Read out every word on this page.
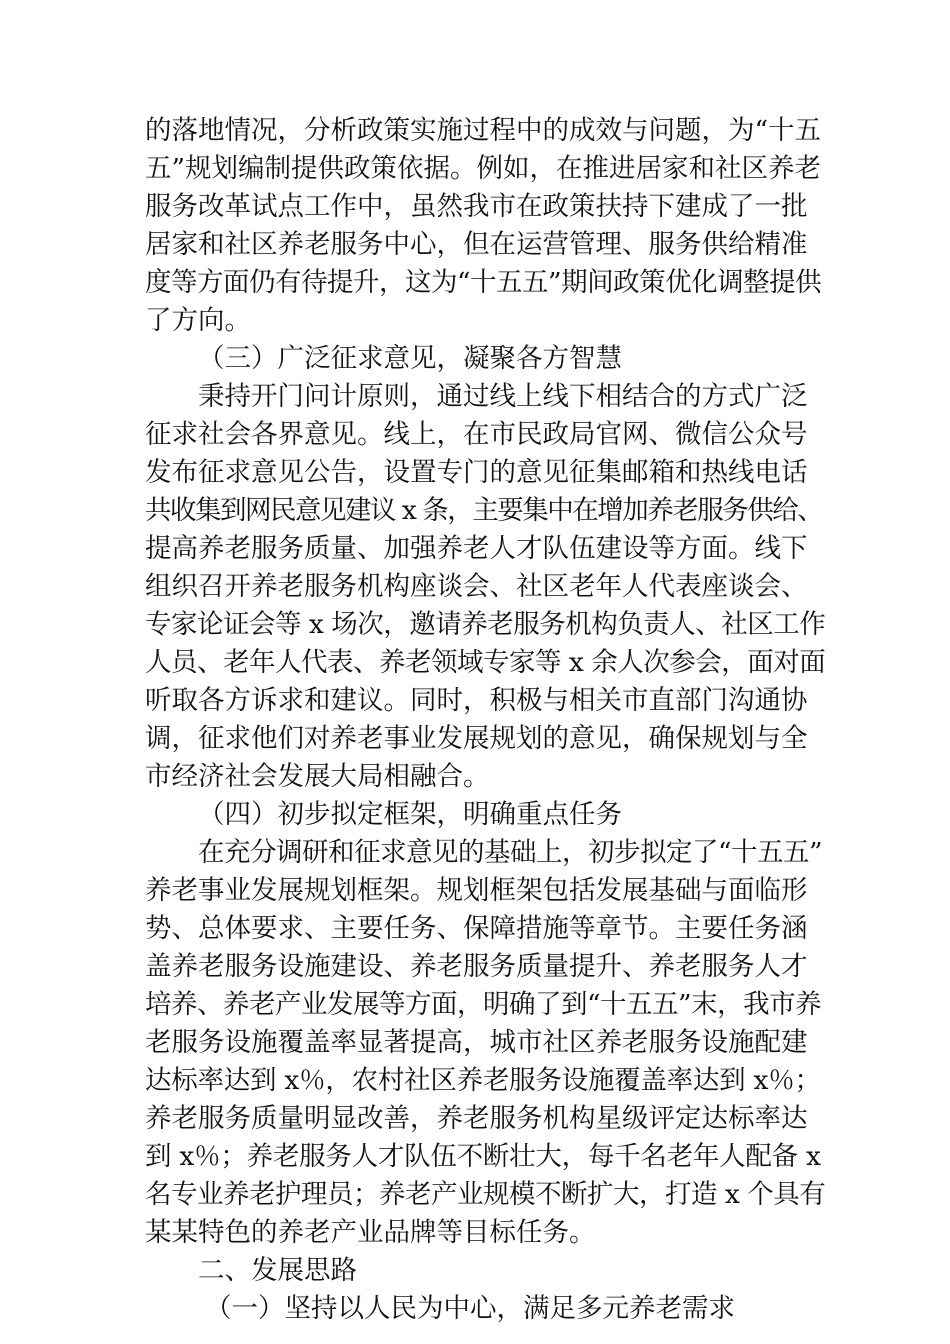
的落地情况，分析政策实施过程中的成效与问题，为“十五
五”规划编制提供政策依据。例如，在推进居家和社区养老
服务改革试点工作中，虽然我市在政策扶持下建成了一批
居家和社区养老服务中心，但在运营管理、服务供给精准
度等方面仍有待提升，这为“十五五”期间政策优化调整提供
了方向。
（三）广泛征求意见，凝聚各方智慧
秉持开门问计原则，通过线上线下相结合的方式广泛
征求社会各界意见。线上，在市民政局官网、微信公众号
发布征求意见公告，设置专门的意见征集邮箱和热线电话
共收集到网民意见建议 x 条，主要集中在增加养老服务供给、
提高养老服务质量、加强养老人才队伍建设等方面。线下
组织召开养老服务机构座谈会、社区老年人代表座谈会、
专家论证会等 x 场次，邀请养老服务机构负责人、社区工作
人员、老年人代表、养老领域专家等 x 余人次参会，面对面
听取各方诉求和建议。同时，积极与相关市直部门沟通协
调，征求他们对养老事业发展规划的意见，确保规划与全
市经济社会发展大局相融合。
（四）初步拟定框架，明确重点任务
在充分调研和征求意见的基础上，初步拟定了“十五五”
养老事业发展规划框架。规划框架包括发展基础与面临形
势、总体要求、主要任务、保障措施等章节。主要任务涵
盖养老服务设施建设、养老服务质量提升、养老服务人才
培养、养老产业发展等方面，明确了到“十五五”末，我市养
老服务设施覆盖率显著提高，城市社区养老服务设施配建
达标率达到 x％，农村社区养老服务设施覆盖率达到 x％；
养老服务质量明显改善，养老服务机构星级评定达标率达
到 x％；养老服务人才队伍不断壮大，每千名老年人配备 x
名专业养老护理员；养老产业规模不断扩大，打造 x 个具有
某某特色的养老产业品牌等目标任务。
二、发展思路
（一）坚持以人民为中心，满足多元养老需求
